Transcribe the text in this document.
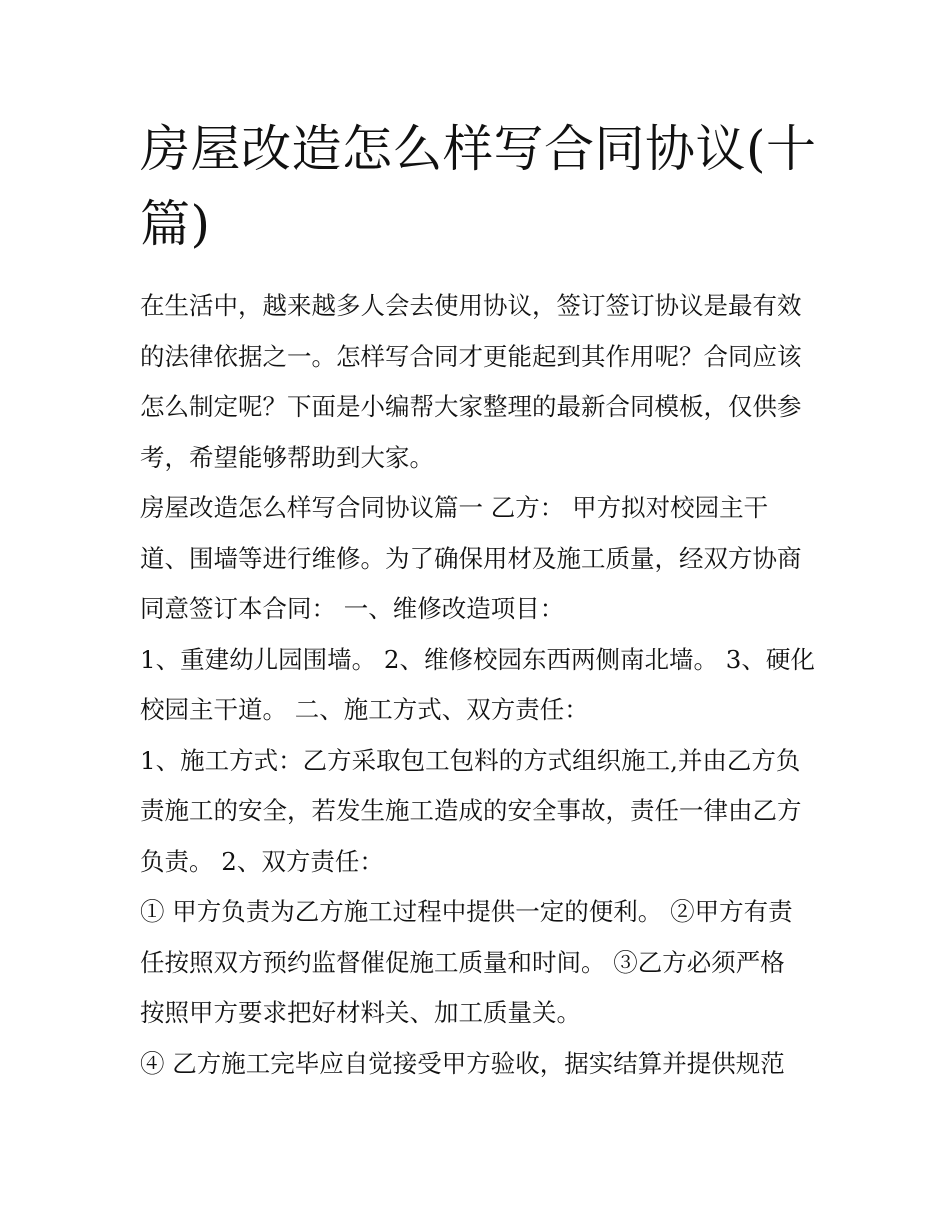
房屋改造怎么样写合同协议(十
篇)

在生活中，越来越多人会去使用协议，签订签订协议是最有效
的法律依据之一。怎样写合同才更能起到其作用呢？合同应该
怎么制定呢？下面是小编帮大家整理的最新合同模板，仅供参
考，希望能够帮助到大家。

房屋改造怎么样写合同协议篇一 乙方： 甲方拟对校园主干
道、围墙等进行维修。为了确保用材及施工质量，经双方协商
同意签订本合同： 一、维修改造项目：

1、重建幼儿园围墙。 2、维修校园东西两侧南北墙。 3、硬化
校园主干道。 二、施工方式、双方责任：

1、施工方式：乙方采取包工包料的方式组织施工,并由乙方负
责施工的安全，若发生施工造成的安全事故，责任一律由乙方
负责。 2、双方责任：

① 甲方负责为乙方施工过程中提供一定的便利。 ②甲方有责
任按照双方预约监督催促施工质量和时间。 ③乙方必须严格
按照甲方要求把好材料关、加工质量关。

④ 乙方施工完毕应自觉接受甲方验收，据实结算并提供规范
